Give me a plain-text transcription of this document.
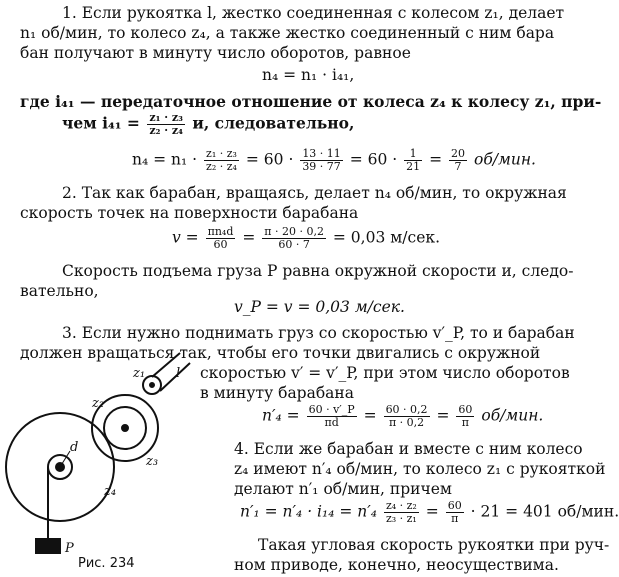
1. Если рукоятка l, жестко соединенная с колесом z₁, делает
n₁ об/мин, то колесо z₄, а также жестко соединенный с ним бара
бан получают в минуту число оборотов, равное
n₄ = n₁ · i₄₁,
где i₄₁ — передаточное отношение от колеса z₄ к колесу z₁, при-
чем $i_{41} = \frac{\text{z₁ · z₃}}{\text{z₂ · z₄}} и$, следовательно,
$n_4 = n_1 \cdot \frac{\text{z₁ · z₃}}{\text{z₂ · z₄}} = 60 \cdot \frac{13 \cdot 11}{39 \cdot 77} = 60 \cdot \frac{1}{21} = \frac{20}{7} об/мин$.
2. Так как барабан, вращаясь, делает n₄ об/мин, то окружная
скорость точек на поверхности барабана
$v = \frac{\text{πn₄d}}{60} = \frac{\pi \cdot 20 \cdot 0,2}{60 \cdot 7} = 0,03$ м/сек.
Скорость подъема груза P равна окружной скорости и, следо-
вательно,
v_P = v = 0,03 м/сек.
3. Если нужно поднимать груз со скоростью v′_P, то и барабан
должен вращаться так, чтобы его точки двигались с окружной
скоростью v′ = v′_P, при этом число оборотов
в минуту барабана
$n'_4 = \frac{60 \cdot v'\_P}{\pi d} = \frac{60 \cdot 0,2}{\pi \cdot 0,2} = \frac{60}{\pi} об/мин$.
4. Если же барабан и вместе с ним колесо
z₄ имеют n′₄ об/мин, то колесо z₁ с рукояткой
делают n′₁ об/мин, причем
$n'_1 = n'_4 \cdot i_{14} = n'_4 \frac{\text{z₄ · z₂}}{\text{z₃ · z₁}} = \frac{60}{\pi} \cdot 21 = 401$ об/мин.
Такая угловая скорость рукоятки при руч-
ном приводе, конечно, неосуществима.
z₁
z₂
z₃
z₄
d
l
P
Рис. 234
